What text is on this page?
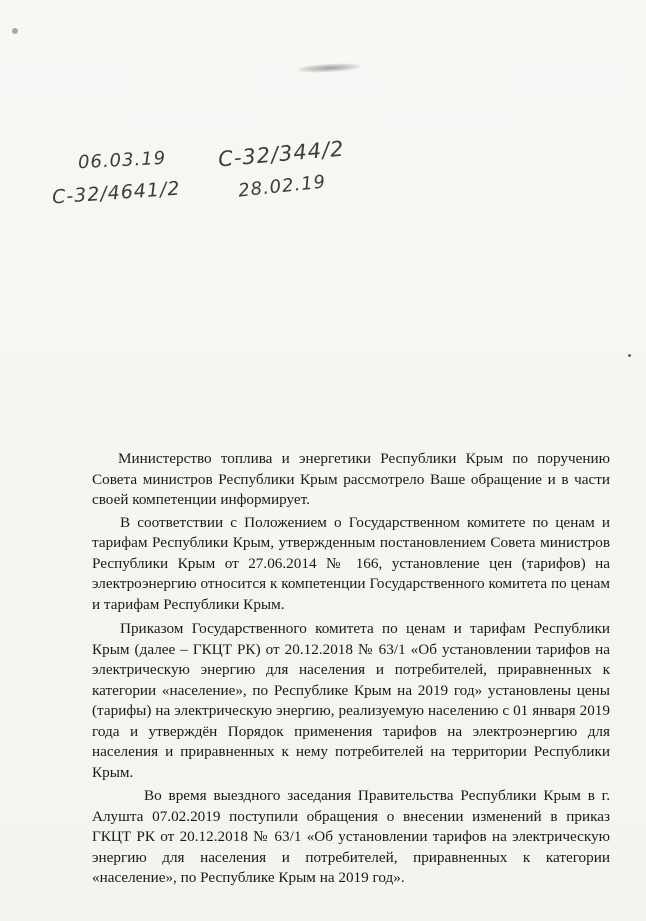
06.03.19
С-32/4641/2
С-32/344/2
28.02.19

Министерство топлива и энергетики Республики Крым по поручению Совета министров Республики Крым рассмотрело Ваше обращение и в части своей компетенции информирует.

В соответствии с Положением о Государственном комитете по ценам и тарифам Республики Крым, утвержденным постановлением Совета министров Республики Крым от 27.06.2014 № 166, установление цен (тарифов) на электроэнергию относится к компетенции Государственного комитета по ценам и тарифам Республики Крым.

Приказом Государственного комитета по ценам и тарифам Республики Крым (далее – ГКЦТ РК) от 20.12.2018 № 63/1 «Об установлении тарифов на электрическую энергию для населения и потребителей, приравненных к категории «население», по Республике Крым на 2019 год» установлены цены (тарифы) на электрическую энергию, реализуемую населению с 01 января 2019 года и утверждён Порядок применения тарифов на электроэнергию для населения и приравненных к нему потребителей на территории Республики Крым.

Во время выездного заседания Правительства Республики Крым в г. Алушта 07.02.2019 поступили обращения о внесении изменений в приказ ГКЦТ РК от 20.12.2018 № 63/1 «Об установлении тарифов на электрическую энергию для населения и потребителей, приравненных к категории «население», по Республике Крым на 2019 год».
